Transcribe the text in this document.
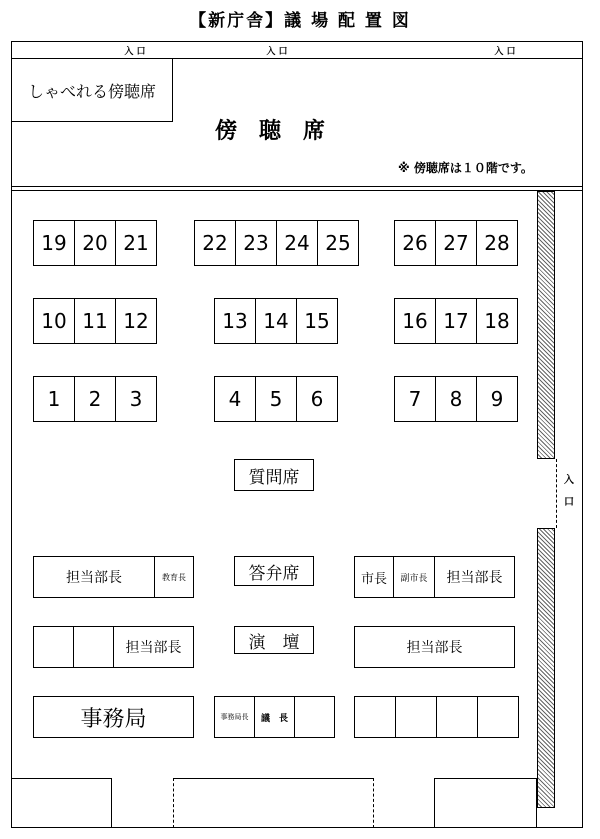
【新庁舎】議 場 配 置 図
入 口	入 口	入 口
しゃべれる傍聴席
傍　聴　席
※ 傍聴席は１０階です。
19 20 21	22 23 24 25	26 27 28
10 11 12	13 14 15	16 17 18
1	2	3	4	5	6	7	8	9
質問席
答弁席
演　壇
担当部長	教育長	市長	副市長	担当部長
担当部長	担当部長
事務局	事務局長	議　長
入 口
